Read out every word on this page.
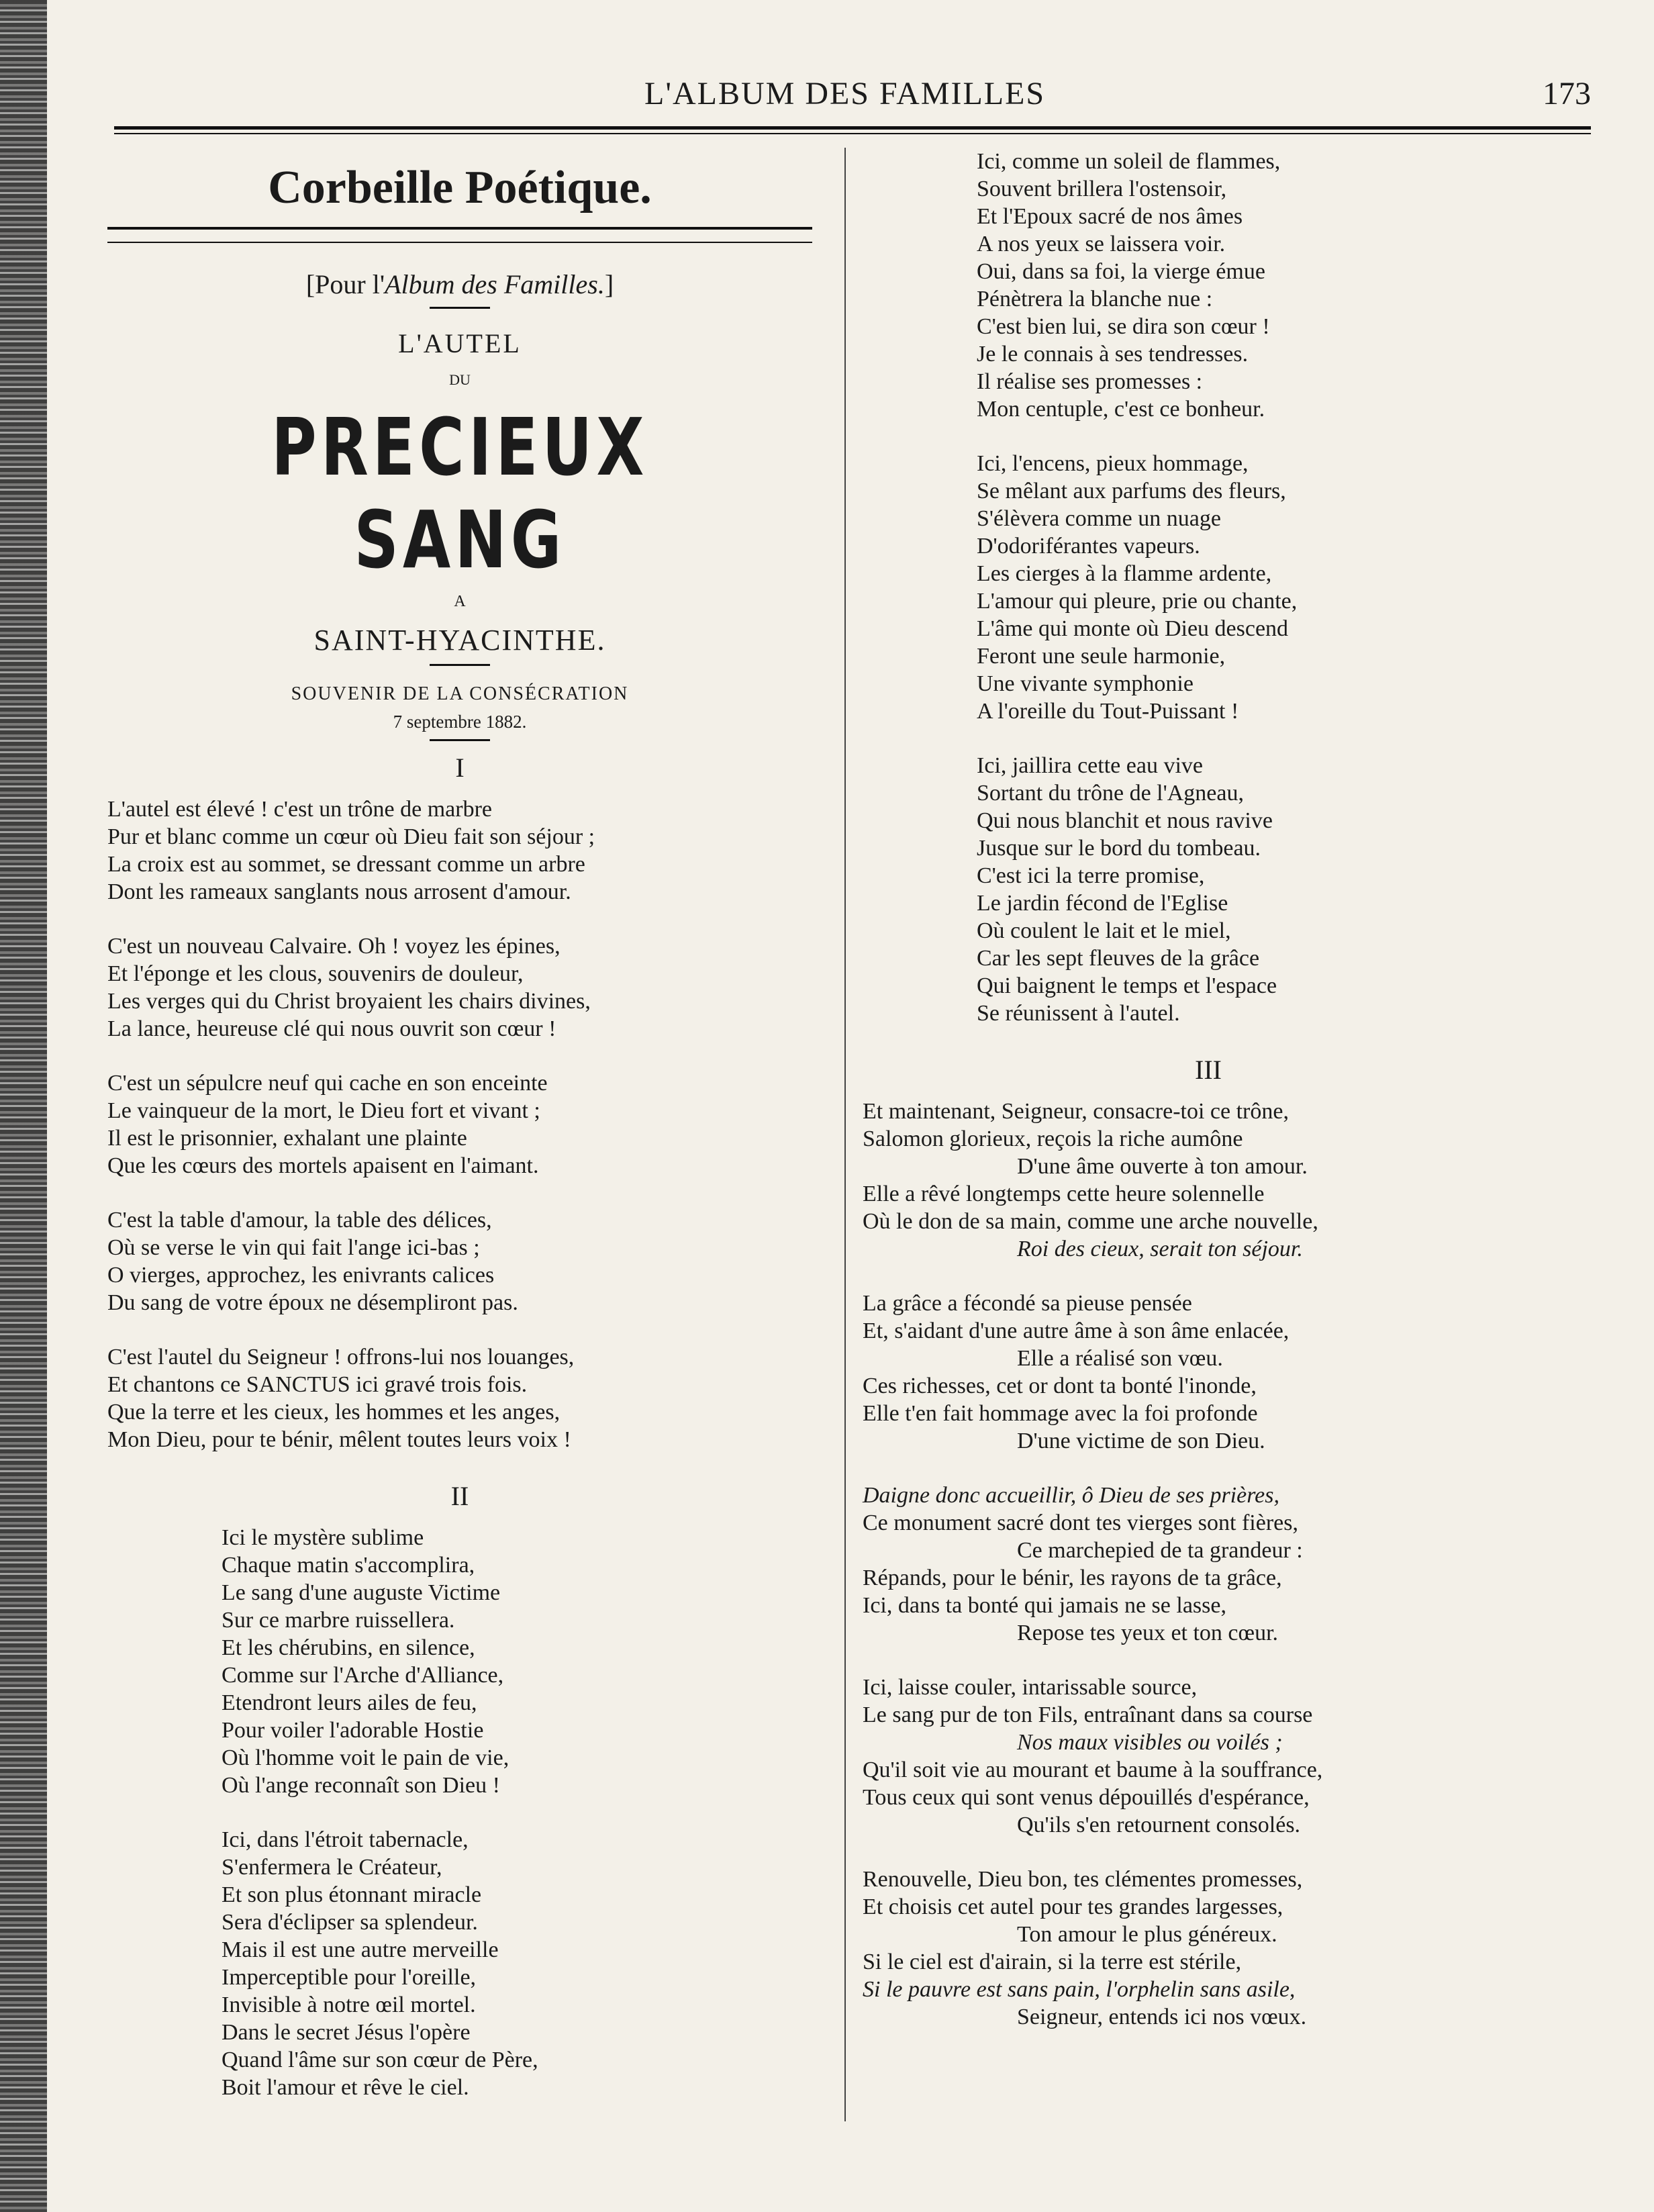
L'ALBUM DES FAMILLES	173
Corbeille Poétique.
[Pour l'Album des Familles.]
L'AUTEL
DU
PRECIEUX SANG
A
SAINT-HYACINTHE.
SOUVENIR DE LA CONSÉCRATION
7 septembre 1882.
I
L'autel est élevé ! c'est un trône de marbre
Pur et blanc comme un cœur où Dieu fait son séjour ;
La croix est au sommet, se dressant comme un arbre
Dont les rameaux sanglants nous arrosent d'amour.
C'est un nouveau Calvaire. Oh ! voyez les épines,
Et l'éponge et les clous, souvenirs de douleur,
Les verges qui du Christ broyaient les chairs divines,
La lance, heureuse clé qui nous ouvrit son cœur !
C'est un sépulcre neuf qui cache en son enceinte
Le vainqueur de la mort, le Dieu fort et vivant ;
Il est le prisonnier, exhalant une plainte
Que les cœurs des mortels apaisent en l'aimant.
C'est la table d'amour, la table des délices,
Où se verse le vin qui fait l'ange ici-bas ;
O vierges, approchez, les enivrants calices
Du sang de votre époux ne désempliront pas.
C'est l'autel du Seigneur ! offrons-lui nos louanges,
Et chantons ce SANCTUS ici gravé trois fois.
Que la terre et les cieux, les hommes et les anges,
Mon Dieu, pour te bénir, mêlent toutes leurs voix !
II
Ici le mystère sublime
Chaque matin s'accomplira,
Le sang d'une auguste Victime
Sur ce marbre ruissellera.
Et les chérubins, en silence,
Comme sur l'Arche d'Alliance,
Etendront leurs ailes de feu,
Pour voiler l'adorable Hostie
Où l'homme voit le pain de vie,
Où l'ange reconnaît son Dieu !
Ici, dans l'étroit tabernacle,
S'enfermera le Créateur,
Et son plus étonnant miracle
Sera d'éclipser sa splendeur.
Mais il est une autre merveille
Imperceptible pour l'oreille,
Invisible à notre œil mortel.
Dans le secret Jésus l'opère
Quand l'âme sur son cœur de Père,
Boit l'amour et rêve le ciel.
Ici, comme un soleil de flammes,
Souvent brillera l'ostensoir,
Et l'Epoux sacré de nos âmes
A nos yeux se laissera voir.
Oui, dans sa foi, la vierge émue
Pénètrera la blanche nue :
C'est bien lui, se dira son cœur !
Je le connais à ses tendresses.
Il réalise ses promesses :
Mon centuple, c'est ce bonheur.
Ici, l'encens, pieux hommage,
Se mêlant aux parfums des fleurs,
S'élèvera comme un nuage
D'odoriférantes vapeurs.
Les cierges à la flamme ardente,
L'amour qui pleure, prie ou chante,
L'âme qui monte où Dieu descend
Feront une seule harmonie,
Une vivante symphonie
A l'oreille du Tout-Puissant !
Ici, jaillira cette eau vive
Sortant du trône de l'Agneau,
Qui nous blanchit et nous ravive
Jusque sur le bord du tombeau.
C'est ici la terre promise,
Le jardin fécond de l'Eglise
Où coulent le lait et le miel,
Car les sept fleuves de la grâce
Qui baignent le temps et l'espace
Se réunissent à l'autel.
III
Et maintenant, Seigneur, consacre-toi ce trône,
Salomon glorieux, reçois la riche aumône
D'une âme ouverte à ton amour.
Elle a rêvé longtemps cette heure solennelle
Où le don de sa main, comme une arche nouvelle,
Roi des cieux, serait ton séjour.
La grâce a fécondé sa pieuse pensée
Et, s'aidant d'une autre âme à son âme enlacée,
Elle a réalisé son vœu.
Ces richesses, cet or dont ta bonté l'inonde,
Elle t'en fait hommage avec la foi profonde
D'une victime de son Dieu.
Daigne donc accueillir, ô Dieu de ses prières,
Ce monument sacré dont tes vierges sont fières,
Ce marchepied de ta grandeur :
Répands, pour le bénir, les rayons de ta grâce,
Ici, dans ta bonté qui jamais ne se lasse,
Repose tes yeux et ton cœur.
Ici, laisse couler, intarissable source,
Le sang pur de ton Fils, entraînant dans sa course
Nos maux visibles ou voilés ;
Qu'il soit vie au mourant et baume à la souffrance,
Tous ceux qui sont venus dépouillés d'espérance,
Qu'ils s'en retournent consolés.
Renouvelle, Dieu bon, tes clémentes promesses,
Et choisis cet autel pour tes grandes largesses,
Ton amour le plus généreux.
Si le ciel est d'airain, si la terre est stérile,
Si le pauvre est sans pain, l'orphelin sans asile,
Seigneur, entends ici nos vœux.
